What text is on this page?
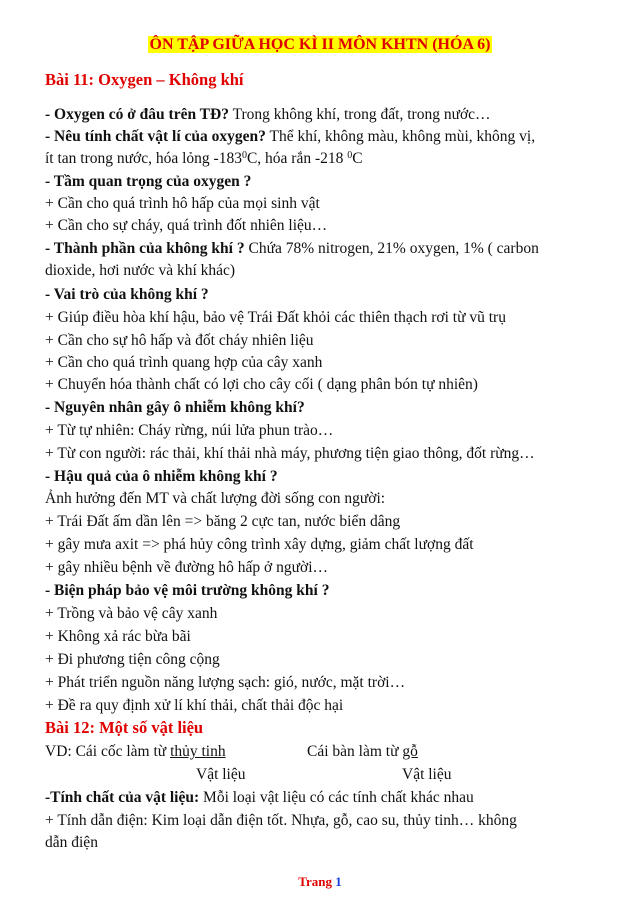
ÔN TẬP GIỮA HỌC KÌ II MÔN KHTN (HÓA 6)
Bài 11: Oxygen – Không khí
- Oxygen có ở đâu trên TĐ? Trong không khí, trong đất, trong nước…
- Nêu tính chất vật lí của oxygen? Thể khí, không màu, không mùi, không vị,
ít tan trong nước, hóa lỏng $-183^0C$, hóa rắn -218 $^0$C
- Tầm quan trọng của oxygen ?
+ Cần cho quá trình hô hấp của mọi sinh vật
+ Cần cho sự cháy, quá trình đốt nhiên liệu…
- Thành phần của không khí ? Chứa 78% nitrogen, 21% oxygen, 1% ( carbon
dioxide, hơi nước và khí khác)
- Vai trò của không khí ?
+ Giúp điều hòa khí hậu, bảo vệ Trái Đất khỏi các thiên thạch rơi từ vũ trụ
+ Cần cho sự hô hấp và đốt cháy nhiên liệu
+ Cần cho quá trình quang hợp của cây xanh
+ Chuyển hóa thành chất có lợi cho cây cối ( dạng phân bón tự nhiên)
- Nguyên nhân gây ô nhiễm không khí?
+ Từ tự nhiên: Cháy rừng, núi lửa phun trào…
+ Từ con người: rác thải, khí thải nhà máy, phương tiện giao thông, đốt rừng…
- Hậu quả của ô nhiễm không khí ?
Ảnh hưởng đến MT và chất lượng đời sống con người:
+ Trái Đất ấm dần lên => băng 2 cực tan, nước biển dâng
+ gây mưa axit => phá hủy công trình xây dựng, giảm chất lượng đất
+ gây nhiều bệnh về đường hô hấp ở người…
- Biện pháp bảo vệ môi trường không khí ?
+ Trồng và bảo vệ cây xanh
+ Không xả rác bừa bãi
+ Đi phương tiện công cộng
+ Phát triển nguồn năng lượng sạch: gió, nước, mặt trời…
+ Đề ra quy định xử lí khí thải, chất thải độc hại
Bài 12: Một số vật liệu
VD: Cái cốc làm từ thủy tinh	Cái bàn làm từ gỗ
Vật liệu	Vật liệu
-Tính chất của vật liệu: Mỗi loại vật liệu có các tính chất khác nhau
+ Tính dẫn điện: Kim loại dẫn điện tốt. Nhựa, gỗ, cao su, thủy tinh… không
dẫn điện
Trang 1
